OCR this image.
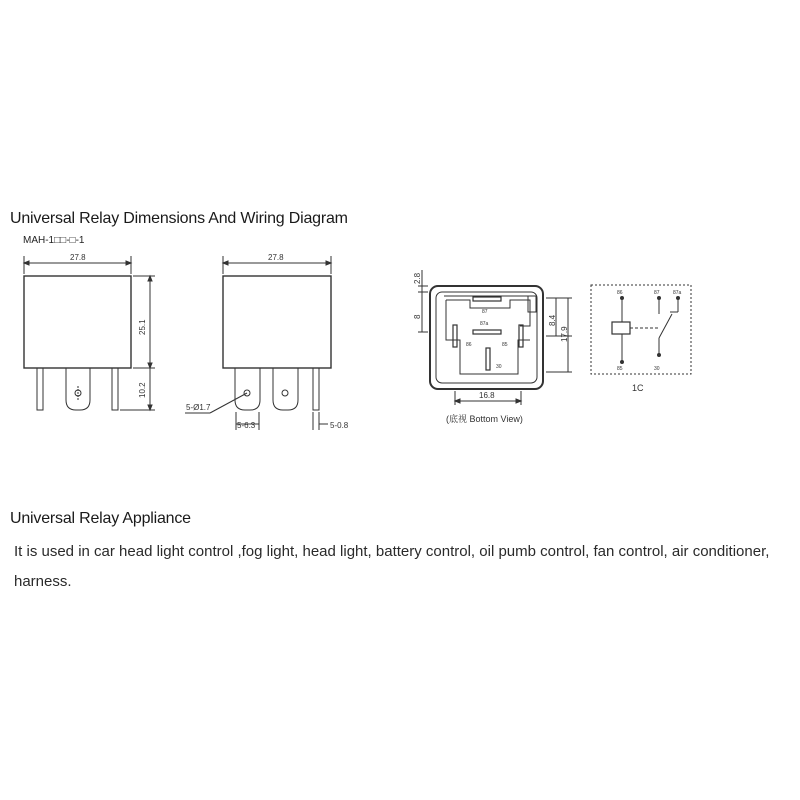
Universal Relay Dimensions And Wiring Diagram
MAH-1□□-□-1
27.8
25.1
10.2
27.8
5-Ø1.7
5-6.3	5-0.8
2.8
8	8.4
17.9
16.8
(底视 Bottom View)
87
87a
86	85
30
86	87	87a
85	30
1C
Universal Relay Appliance
It is used in car head light control ,fog light, head light, battery control, oil pumb control, fan control, air conditioner, harness.
